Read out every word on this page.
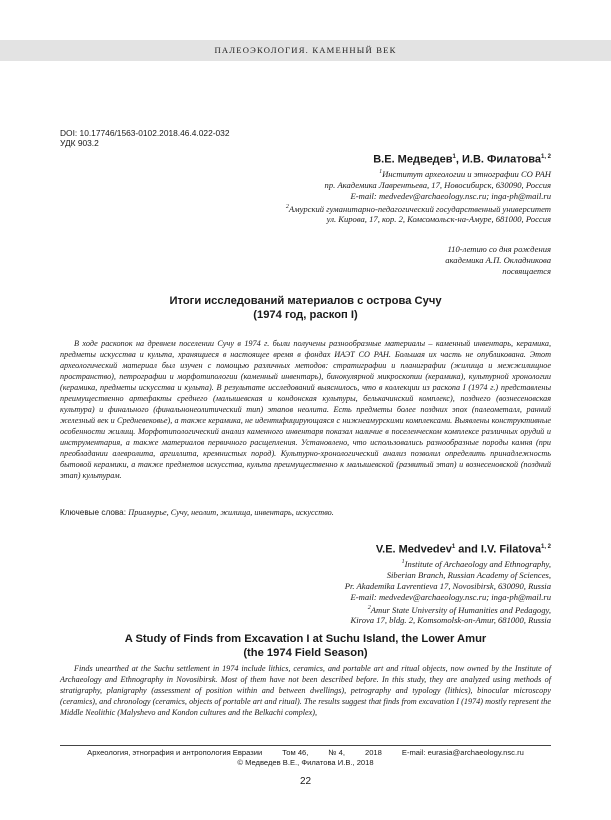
ПАЛЕОЭКОЛОГИЯ. КАМЕННЫЙ ВЕК
DOI: 10.17746/1563-0102.2018.46.4.022-032
УДК 903.2
В.Е. Медведев$^1$, И.В. Филатова$^{1, 2}$
$^1$Институт археологии и этнографии СО РАН
пр. Академика Лаврентьева, 17, Новосибирск, 630090, Россия
E-mail: medvedev@archaeology.nsc.ru; inga-ph@mail.ru
$^2$Амурский гуманитарно-педагогический государственный университет
ул. Кирова, 17, кор. 2, Комсомольск-на-Амуре, 681000, Россия
110-летию со дня рождения
академика А.П. Окладникова
посвящается
Итоги исследований материалов с острова Сучу
(1974 год, раскоп I)

В ходе раскопок на древнем поселении Сучу в 1974 г. были получены разнообразные материалы – каменный инвентарь, керамика, предметы искусства и культа, хранящиеся в настоящее время в фондах ИАЭТ СО РАН. Большая их часть не опубликована. Этот археологический материал был изучен с помощью различных методов: стратиграфии и планиграфии (жилища и межжилищное пространство), петрографии и морфотипологии (каменный инвентарь), бинокулярной микроскопии (керамика), культурной хронологии (керамика, предметы искусства и культа). В результате исследований выяснилось, что в коллекции из раскопа I (1974 г.) представлены преимущественно артефакты среднего (малышевская и кондонская культуры, белькачинский комплекс), позднего (вознесеновская культура) и финального (финальнонеолитический тип) этапов неолита. Есть предметы более поздних эпох (палеометалл, ранний железный век и Средневековье), а также керамика, не идентифицирующаяся с нижнеамурскими комплексами. Выявлены конструктивные особенности жилищ. Морфотипологический анализ каменного инвентаря показал наличие в поселенческом комплексе различных орудий и инструментария, а также материалов первичного расщепления. Установлено, что использовались разнообразные породы камня (при преобладании алевролита, аргиллита, кремнистых пород). Культурно-хронологический анализ позволил определить принадлежность бытовой керамики, а также предметов искусства, культа преимущественно к малышевской (развитый этап) и вознесеновской (поздний этап) культурам.

Ключевые слова: Приамурье, Сучу, неолит, жилища, инвентарь, искусство.
V.E. Medvedev$^1$ and I.V. Filatova$^{1, 2}$
$^1$Institute of Archaeology and Ethnography,
Siberian Branch, Russian Academy of Sciences,
Pr. Akademika Lavrentieva 17, Novosibirsk, 630090, Russia
E-mail: medvedev@archaeology.nsc.ru; inga-ph@mail.ru
$^2$Amur State University of Humanities and Pedagogy,
Kirova 17, bldg. 2, Komsomolsk-on-Amur, 681000, Russia
A Study of Finds from Excavation I at Suchu Island, the Lower Amur
(the 1974 Field Season)

Finds unearthed at the Suchu settlement in 1974 include lithics, ceramics, and portable art and ritual objects, now owned by the Institute of Archaeology and Ethnography in Novosibirsk. Most of them have not been described before. In this study, they are analyzed using methods of stratigraphy, planigraphy (assessment of position within and between dwellings), petrography and typology (lithics), binocular microscopy (ceramics), and chronology (ceramics, objects of portable art and ritual). The results suggest that finds from excavation I (1974) mostly represent the Middle Neolithic (Malyshevo and Kondon cultures and the Belkachi complex),

Археология, этнография и антропология Евразии	Том 46,	№ 4,	2018	E-mail: eurasia@archaeology.nsc.ru
© Медведев В.Е., Филатова И.В., 2018
22
